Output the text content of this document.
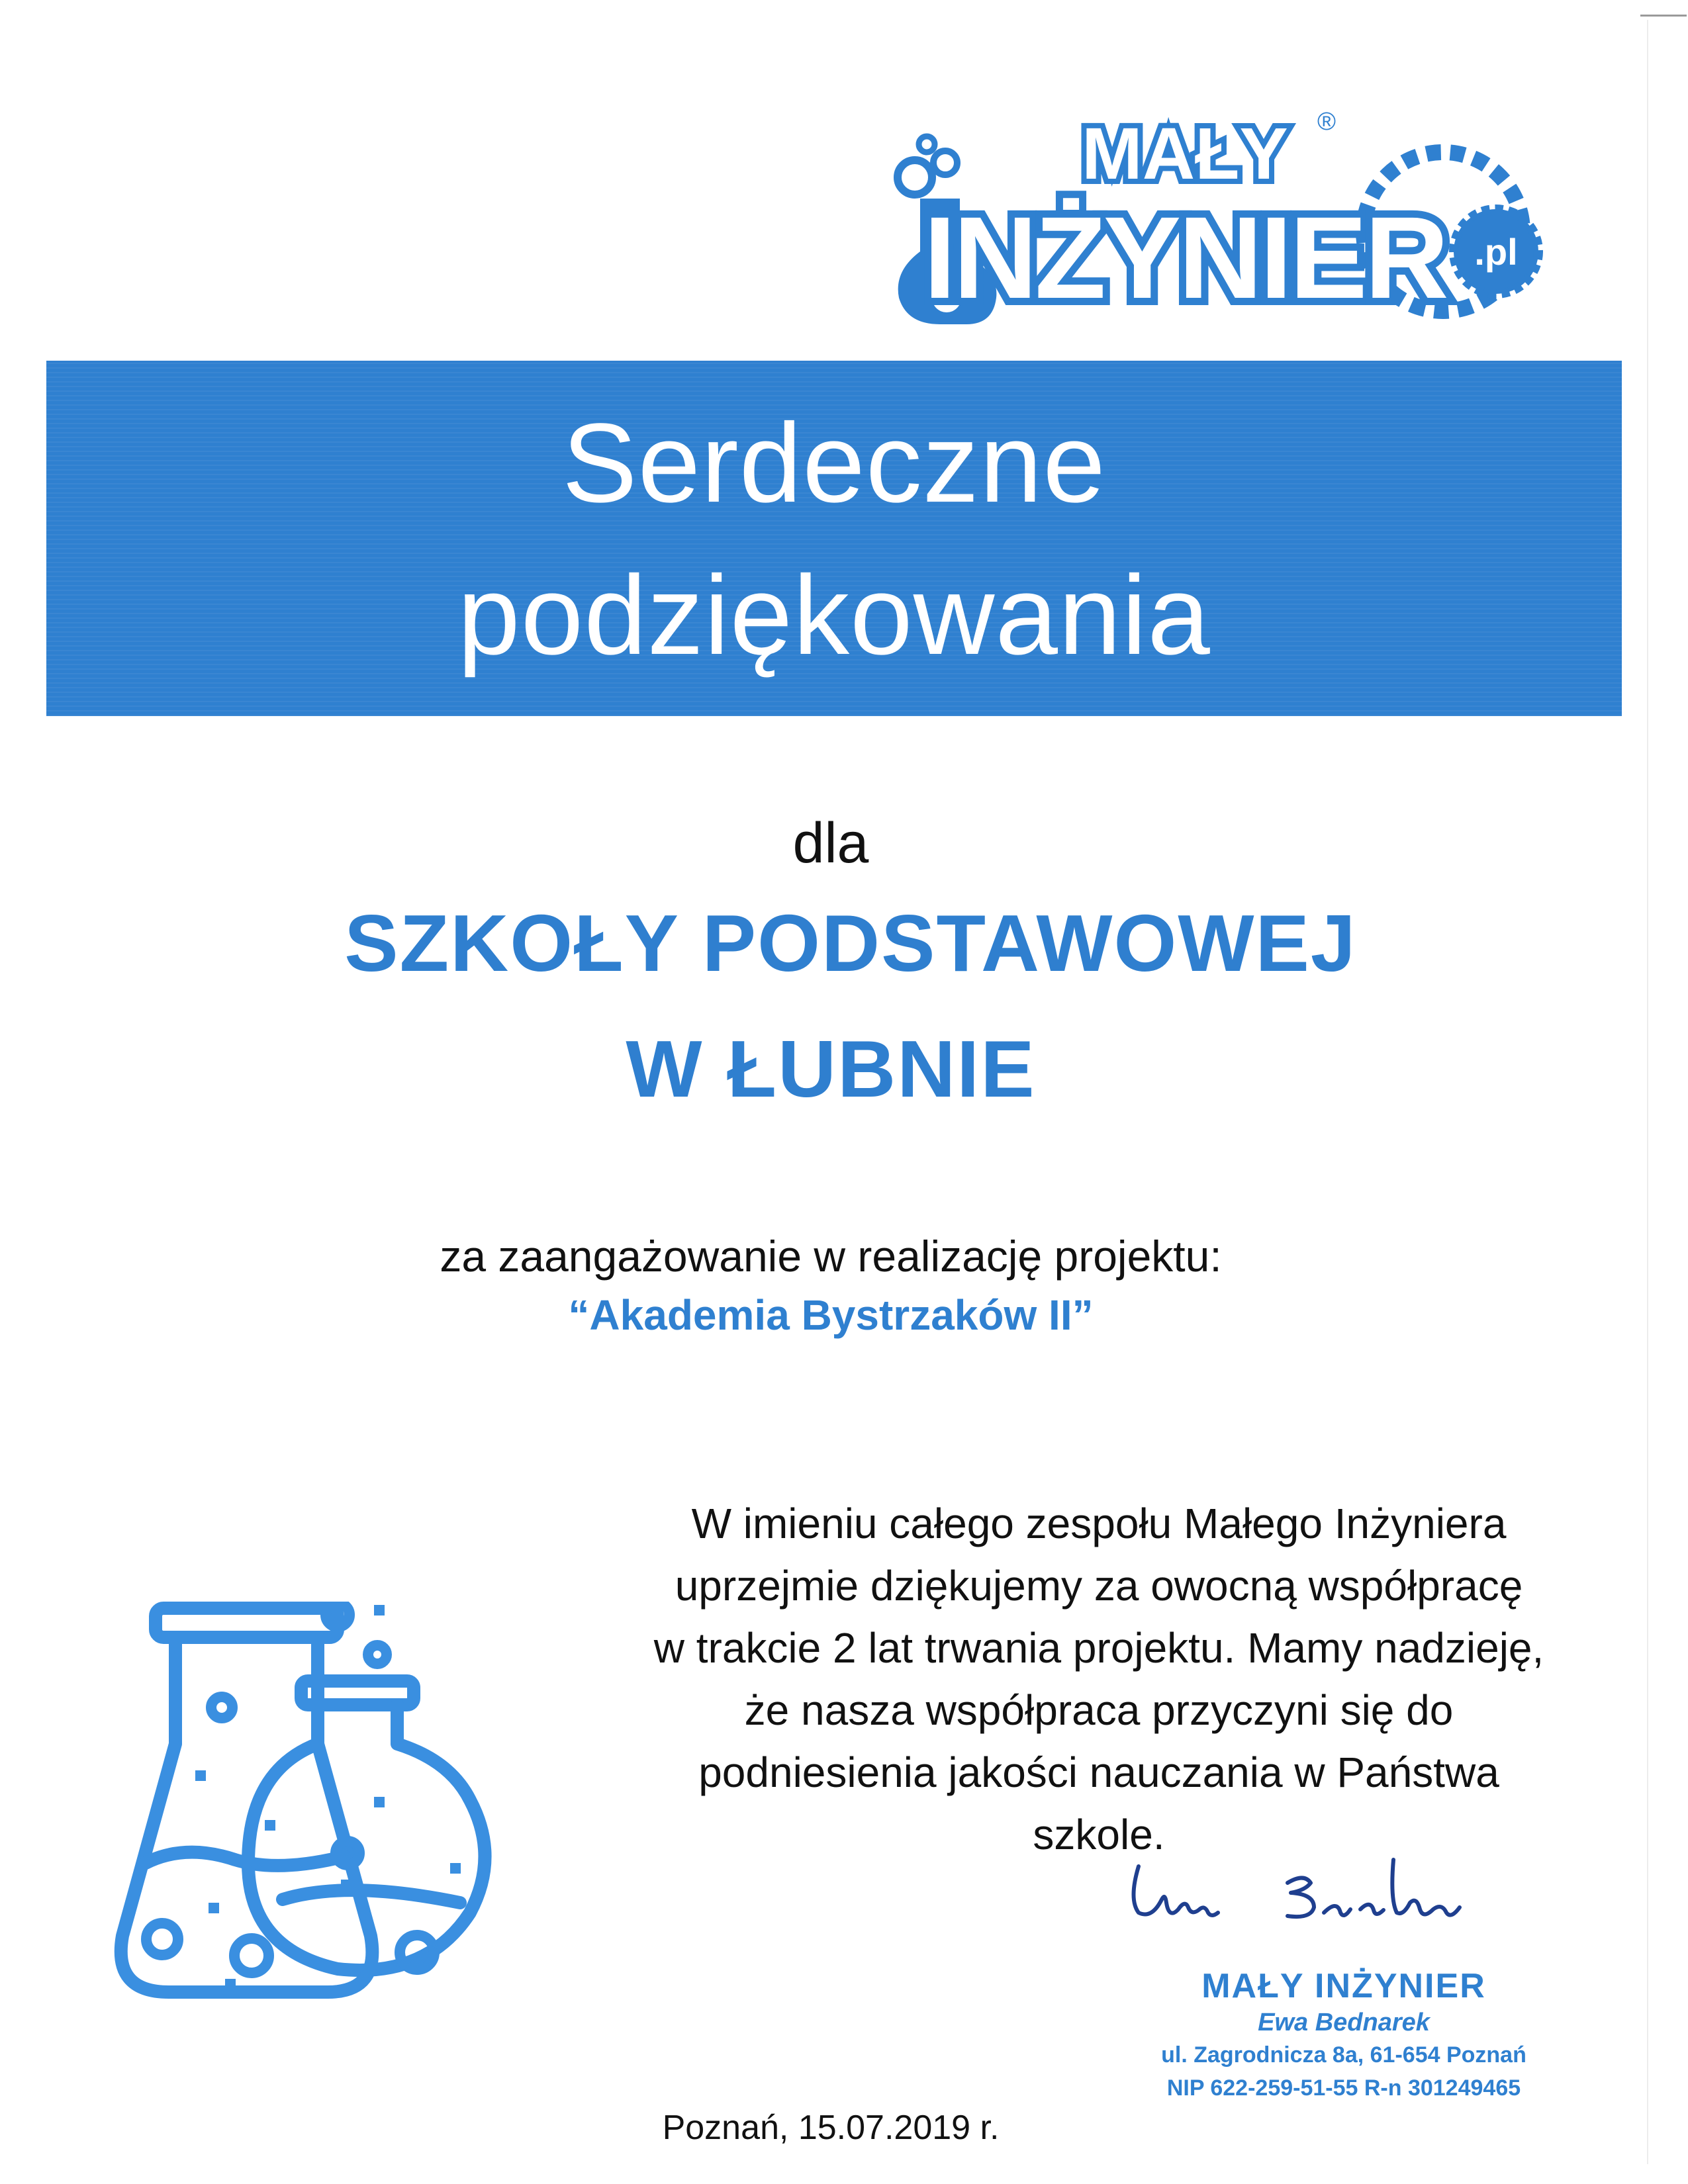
MAŁY ®
INŻYNIER .pl
Serdeczne
podziękowania
dla
SZKOŁY PODSTAWOWEJ
W ŁUBNIE
za zaangażowanie w realizację projektu:
“Akademia Bystrzaków II”
W imieniu całego zespołu Małego Inżyniera
uprzejmie dziękujemy za owocną współpracę
w trakcie 2 lat trwania projektu. Mamy nadzieję,
że nasza współpraca przyczyni się do
podniesienia jakości nauczania w Państwa
szkole.
MAŁY INŻYNIER
Ewa Bednarek
ul. Zagrodnicza 8a, 61-654 Poznań
NIP 622-259-51-55 R-n 301249465
Poznań, 15.07.2019 r.
